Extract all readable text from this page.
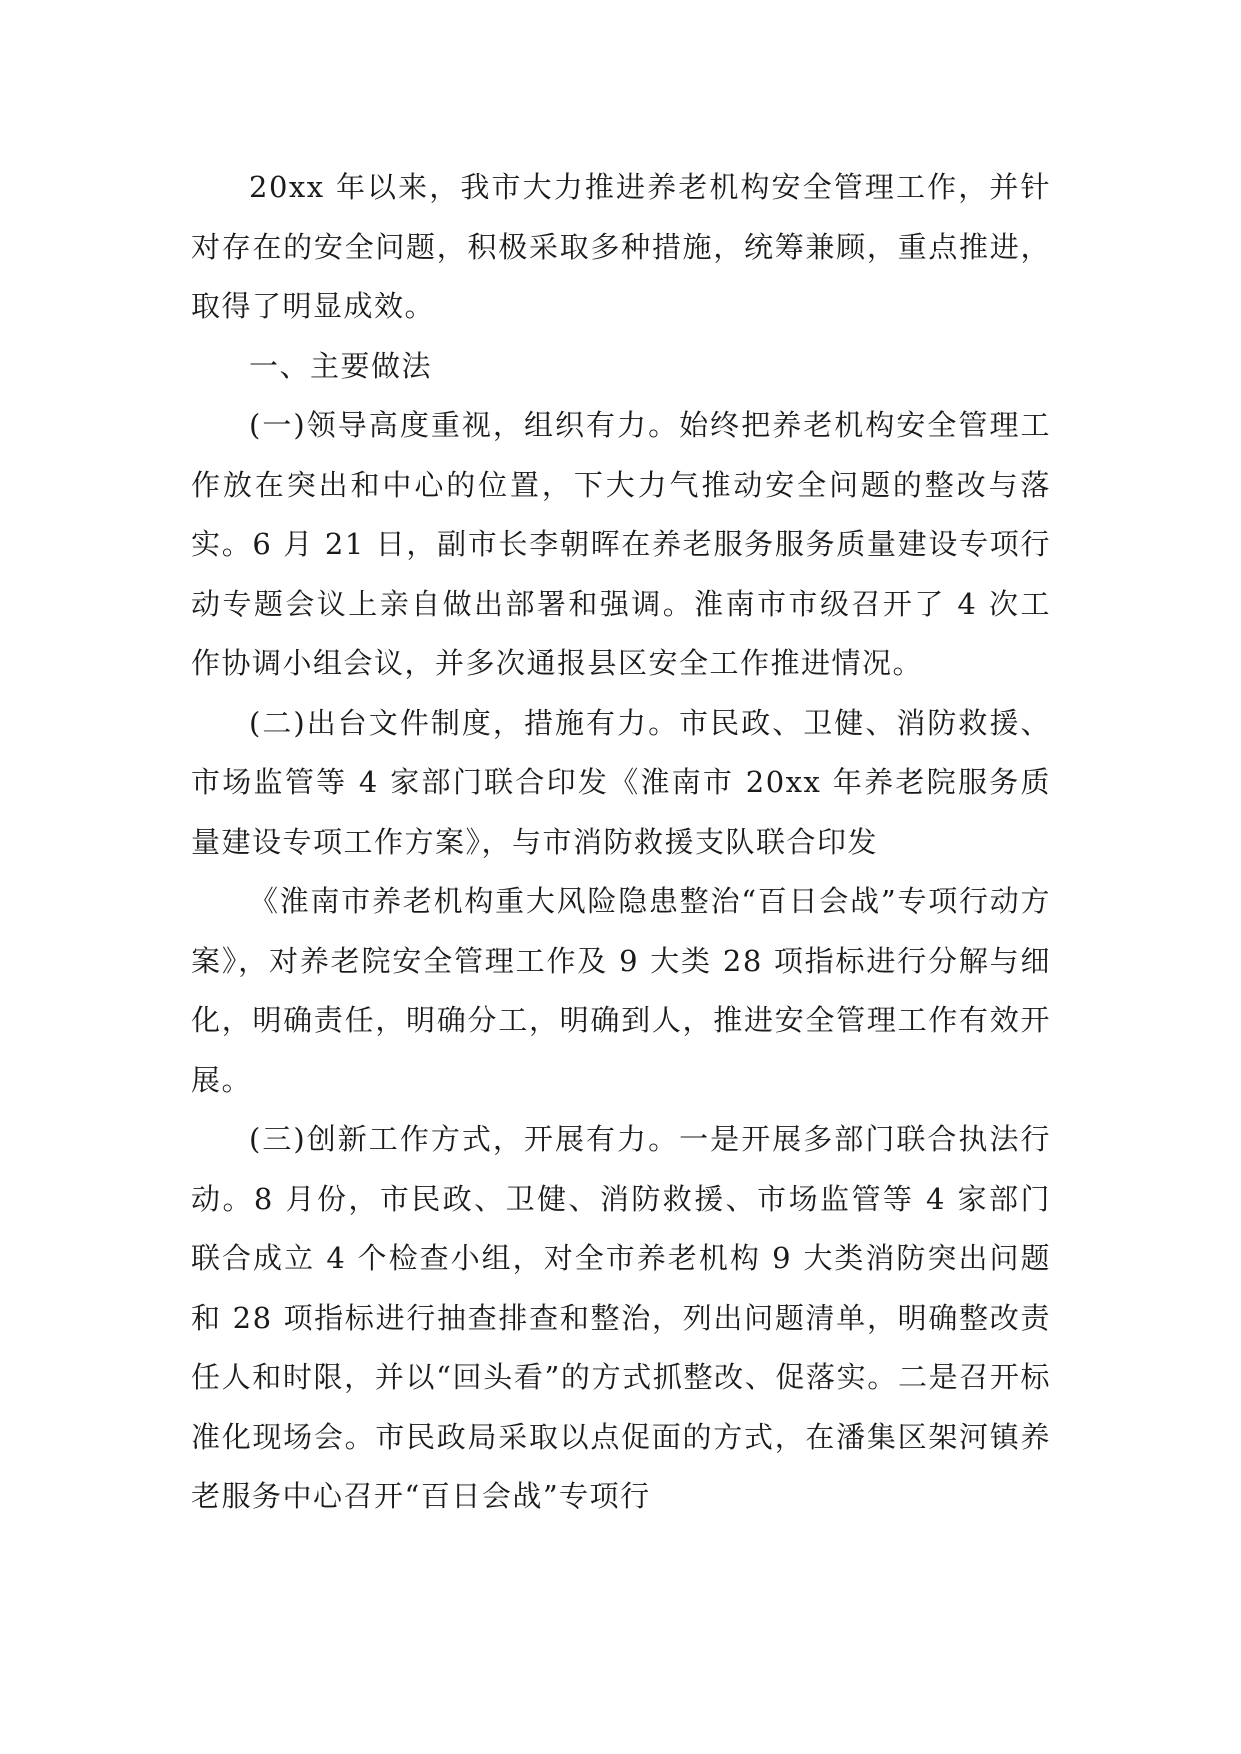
20xx 年以来，我市大力推进养老机构安全管理工作，并针对存在的安全问题，积极采取多种措施，统筹兼顾，重点推进，取得了明显成效。

一、主要做法

(一)领导高度重视，组织有力。始终把养老机构安全管理工作放在突出和中心的位置，下大力气推动安全问题的整改与落实。6 月 21 日，副市长李朝晖在养老服务服务质量建设专项行动专题会议上亲自做出部署和强调。淮南市市级召开了 4 次工作协调小组会议，并多次通报县区安全工作推进情况。

(二)出台文件制度，措施有力。市民政、卫健、消防救援、市场监管等 4 家部门联合印发《淮南市 20xx 年养老院服务质量建设专项工作方案》，与市消防救援支队联合印发

《淮南市养老机构重大风险隐患整治“百日会战”专项行动方案》，对养老院安全管理工作及 9 大类 28 项指标进行分解与细化，明确责任，明确分工，明确到人，推进安全管理工作有效开展。

(三)创新工作方式，开展有力。一是开展多部门联合执法行动。8 月份，市民政、卫健、消防救援、市场监管等 4 家部门联合成立 4 个检查小组，对全市养老机构 9 大类消防突出问题和 28 项指标进行抽查排查和整治，列出问题清单，明确整改责任人和时限，并以“回头看”的方式抓整改、促落实。二是召开标准化现场会。市民政局采取以点促面的方式，在潘集区架河镇养老服务中心召开“百日会战”专项行
